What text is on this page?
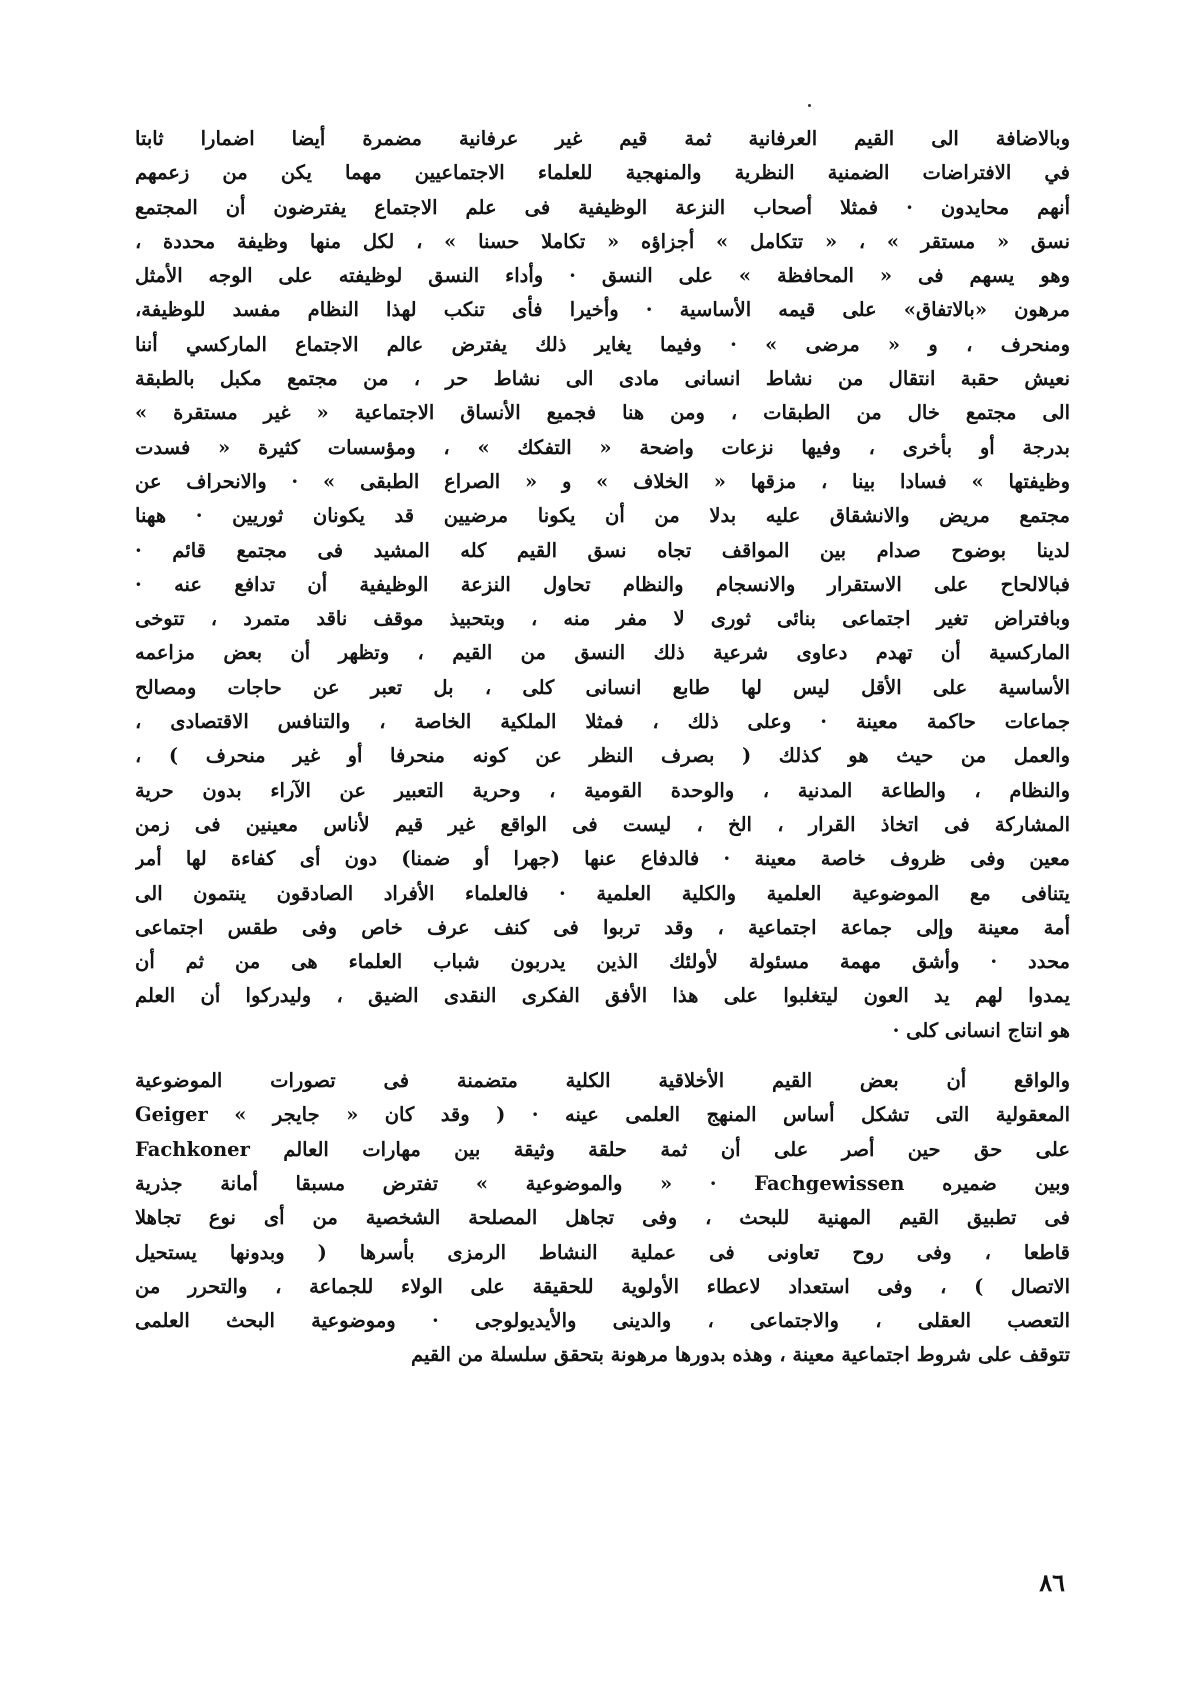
وبالاضافة الى القيم العرفانية ثمة قيم غير عرفانية مضمرة أيضا اضمارا ثابتا
في الافتراضات الضمنية النظرية والمنهجية للعلماء الاجتماعيين مهما يكن من زعمهم
أنهم محايدون · فمثلا أصحاب النزعة الوظيفية فى علم الاجتماع يفترضون أن المجتمع
نسق « مستقر » ، « تتكامل » أجزاؤه « تكاملا حسنا » ، لكل منها وظيفة محددة ،
وهو يسهم فى « المحافظة » على النسق · وأداء النسق لوظيفته على الوجه الأمثل
مرهون «بالاتفاق» على قيمه الأساسية · وأخيرا فأى تنكب لهذا النظام مفسد للوظيفة،
ومنحرف ، و « مرضى » · وفيما يغاير ذلك يفترض عالم الاجتماع الماركسي أننا
نعيش حقبة انتقال من نشاط انسانى مادى الى نشاط حر ، من مجتمع مكبل بالطبقة
الى مجتمع خال من الطبقات ، ومن هنا فجميع الأنساق الاجتماعية « غير مستقرة »
بدرجة أو بأخرى ، وفيها نزعات واضحة « التفكك » ، ومؤسسات كثيرة « فسدت
وظيفتها » فسادا بينا ، مزقها « الخلاف » و « الصراع الطبقى » · والانحراف عن
مجتمع مريض والانشقاق عليه بدلا من أن يكونا مرضيين قد يكونان ثوريين · ههنا
لدينا بوضوح صدام بين المواقف تجاه نسق القيم كله المشيد فى مجتمع قائم ·
فبالالحاح على الاستقرار والانسجام والنظام تحاول النزعة الوظيفية أن تدافع عنه ·
وبافتراض تغير اجتماعى بنائى ثورى لا مفر منه ، وبتحبيذ موقف ناقد متمرد ، تتوخى
الماركسية أن تهدم دعاوى شرعية ذلك النسق من القيم ، وتظهر أن بعض مزاعمه
الأساسية على الأقل ليس لها طابع انسانى كلى ، بل تعبر عن حاجات ومصالح
جماعات حاكمة معينة · وعلى ذلك ، فمثلا الملكية الخاصة ، والتنافس الاقتصادى ،
والعمل من حيث هو كذلك ( بصرف النظر عن كونه منحرفا أو غير منحرف ) ،
والنظام ، والطاعة المدنية ، والوحدة القومية ، وحرية التعبير عن الآراء بدون حرية
المشاركة فى اتخاذ القرار ، الخ ، ليست فى الواقع غير قيم لأناس معينين فى زمن
معين وفى ظروف خاصة معينة · فالدفاع عنها (جهرا أو ضمنا) دون أى كفاءة لها أمر
يتنافى مع الموضوعية العلمية والكلية العلمية · فالعلماء الأفراد الصادقون ينتمون الى
أمة معينة وإلى جماعة اجتماعية ، وقد تربوا فى كنف عرف خاص وفى طقس اجتماعى
محدد · وأشق مهمة مسئولة لأولئك الذين يدربون شباب العلماء هى من ثم أن
يمدوا لهم يد العون ليتغلبوا على هذا الأفق الفكرى النقدى الضيق ، وليدركوا أن العلم
هو انتاج انسانى كلى ·

والواقع أن بعض القيم الأخلاقية الكلية متضمنة فى تصورات الموضوعية
المعقولية التى تشكل أساس المنهج العلمى عينه · ( وقد كان « جايجر » Geiger
على حق حين أصر على أن ثمة حلقة وثيقة بين مهارات العالم Fachkoner
وبين ضميره Fachgewissen · « والموضوعية » تفترض مسبقا أمانة جذرية
فى تطبيق القيم المهنية للبحث ، وفى تجاهل المصلحة الشخصية من أى نوع تجاهلا
قاطعا ، وفى روح تعاونى فى عملية النشاط الرمزى بأسرها ( وبدونها يستحيل
الاتصال ) ، وفى استعداد لاعطاء الأولوية للحقيقة على الولاء للجماعة ، والتحرر من
التعصب العقلى ، والاجتماعى ، والدينى والأيديولوجى · وموضوعية البحث العلمى
تتوقف على شروط اجتماعية معينة ، وهذه بدورها مرهونة بتحقق سلسلة من القيم

٨٦
